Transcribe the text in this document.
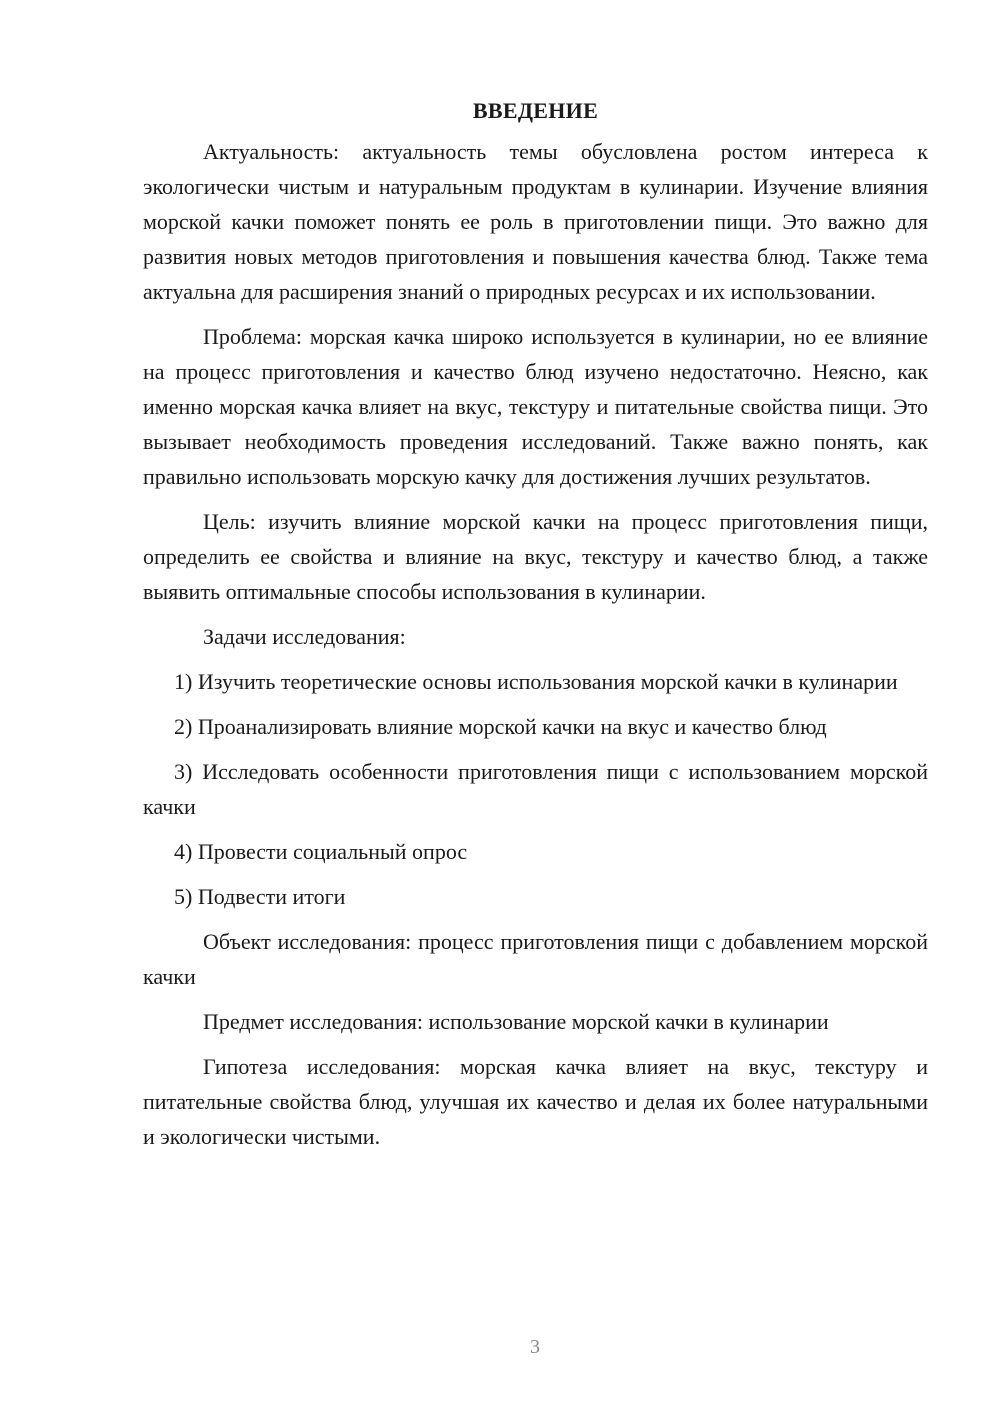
ВВЕДЕНИЕ

Актуальность: актуальность темы обусловлена ростом интереса к экологически чистым и натуральным продуктам в кулинарии. Изучение влияния морской качки поможет понять ее роль в приготовлении пищи. Это важно для развития новых методов приготовления и повышения качества блюд. Также тема актуальна для расширения знаний о природных ресурсах и их использовании.

Проблема: морская качка широко используется в кулинарии, но ее влияние на процесс приготовления и качество блюд изучено недостаточно. Неясно, как именно морская качка влияет на вкус, текстуру и питательные свойства пищи. Это вызывает необходимость проведения исследований. Также важно понять, как правильно использовать морскую качку для достижения лучших результатов.

Цель: изучить влияние морской качки на процесс приготовления пищи, определить ее свойства и влияние на вкус, текстуру и качество блюд, а также выявить оптимальные способы использования в кулинарии.

Задачи исследования:

1) Изучить теоретические основы использования морской качки в кулинарии

2) Проанализировать влияние морской качки на вкус и качество блюд

3) Исследовать особенности приготовления пищи с использованием морской качки

4) Провести социальный опрос

5) Подвести итоги

Объект исследования: процесс приготовления пищи с добавлением морской качки

Предмет исследования: использование морской качки в кулинарии

Гипотеза исследования: морская качка влияет на вкус, текстуру и питательные свойства блюд, улучшая их качество и делая их более натуральными и экологически чистыми.

3
